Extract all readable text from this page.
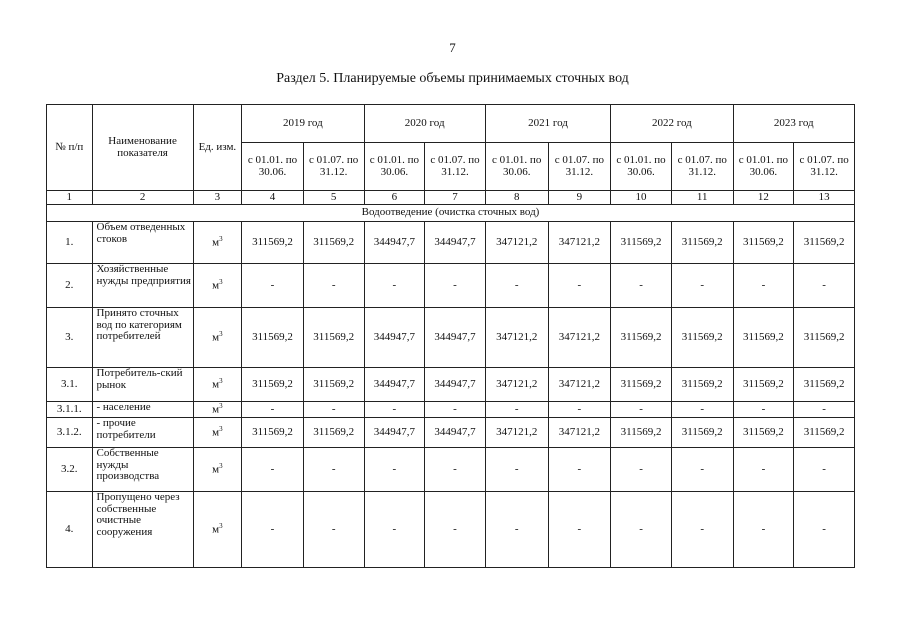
7
Раздел 5. Планируемые объемы принимаемых сточных вод
№ п/п	Наименование показателя	Ед. изм.	2019 год		2020 год		2021 год		2022 год		2023 год	
			с 01.01. по 30.06.	с 01.07. по 31.12.	с 01.01. по 30.06.	с 01.07. по 31.12.	с 01.01. по 30.06.	с 01.07. по 31.12.	с 01.01. по 30.06.	с 01.07. по 31.12.	с 01.01. по 30.06.	с 01.07. по 31.12.
1	2	3	4	5	6	7	8	9	10	11	12	13
Водоотведение (очистка сточных вод)												
1.	Объем отведенных стоков	$м^3$	311569,2	311569,2	344947,7	344947,7	347121,2	347121,2	311569,2	311569,2	311569,2	311569,2
2.	Хозяйственные нужды предприятия	$м^3$	-	-	-	-	-	-	-	-	-	-
3.	Принято сточных вод по категориям потребителей	$м^3$	311569,2	311569,2	344947,7	344947,7	347121,2	347121,2	311569,2	311569,2	311569,2	311569,2
3.1.	Потребитель-ский рынок	$м^3$	311569,2	311569,2	344947,7	344947,7	347121,2	347121,2	311569,2	311569,2	311569,2	311569,2
3.1.1.	- население	$м^3$	-	-	-	-	-	-	-	-	-	-
3.1.2.	- прочие потребители	$м^3$	311569,2	311569,2	344947,7	344947,7	347121,2	347121,2	311569,2	311569,2	311569,2	311569,2
3.2.	Собственные нужды производства	$м^3$	-	-	-	-	-	-	-	-	-	-
4.	Пропущено через собственные очистные сооружения	$м^3$	-	-	-	-	-	-	-	-	-	-
